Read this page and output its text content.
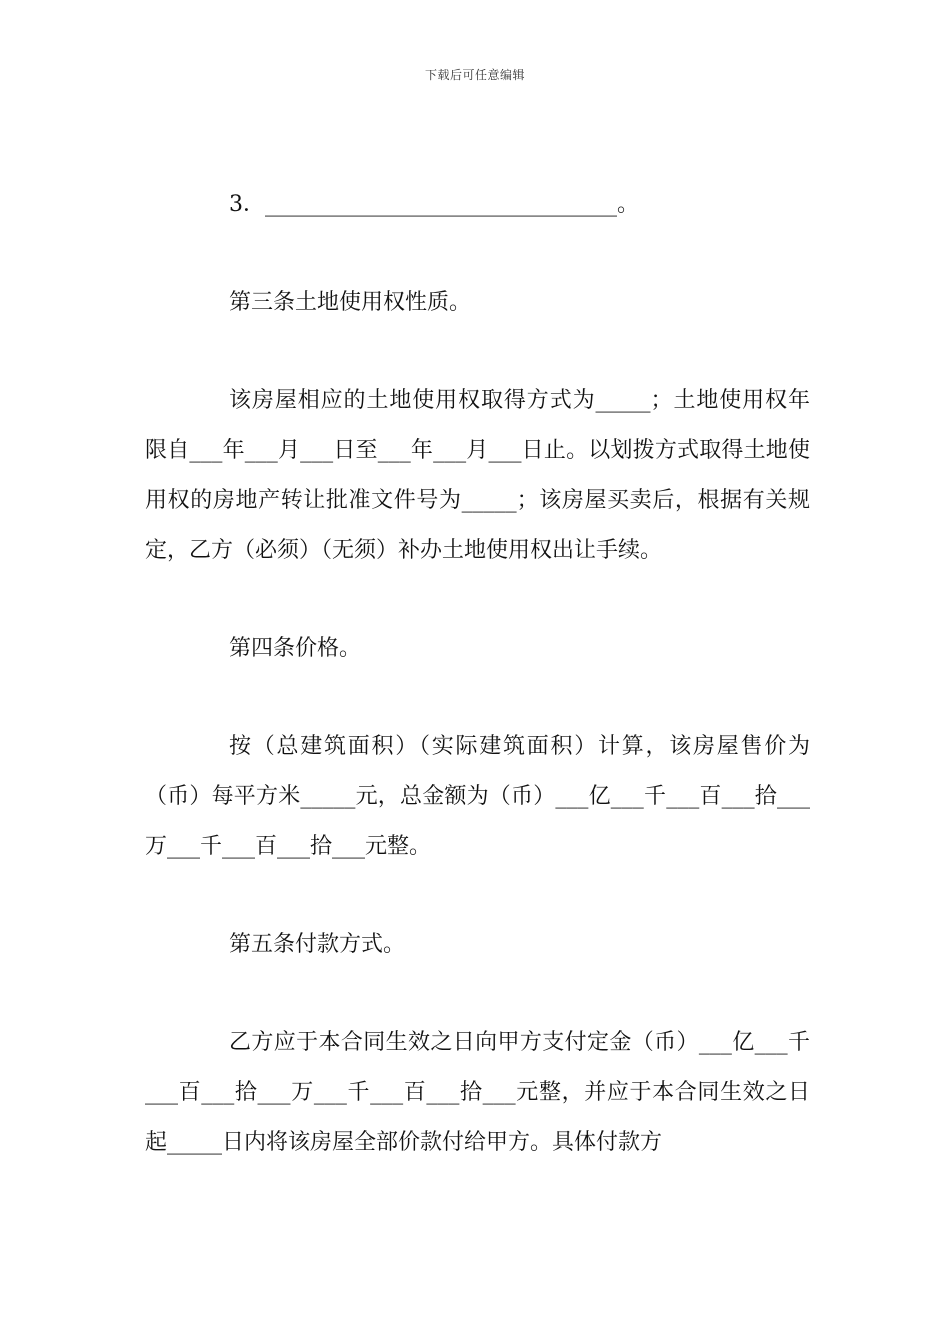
下载后可任意编辑

3．________________________________。

第三条土地使用权性质。

该房屋相应的土地使用权取得方式为_____；土地使用权年限自___年___月___日至___年___月___日止。以划拨方式取得土地使用权的房地产转让批准文件号为_____；该房屋买卖后，根据有关规定，乙方（必须）（无须）补办土地使用权出让手续。

第四条价格。

按（总建筑面积）（实际建筑面积）计算，该房屋售价为（币）每平方米_____元，总金额为（币）___亿___千___百___拾___万___千___百___拾___元整。

第五条付款方式。

乙方应于本合同生效之日向甲方支付定金（币）___亿___千___百___拾___万___千___百___拾___元整，并应于本合同生效之日起_____日内将该房屋全部价款付给甲方。具体付款方
